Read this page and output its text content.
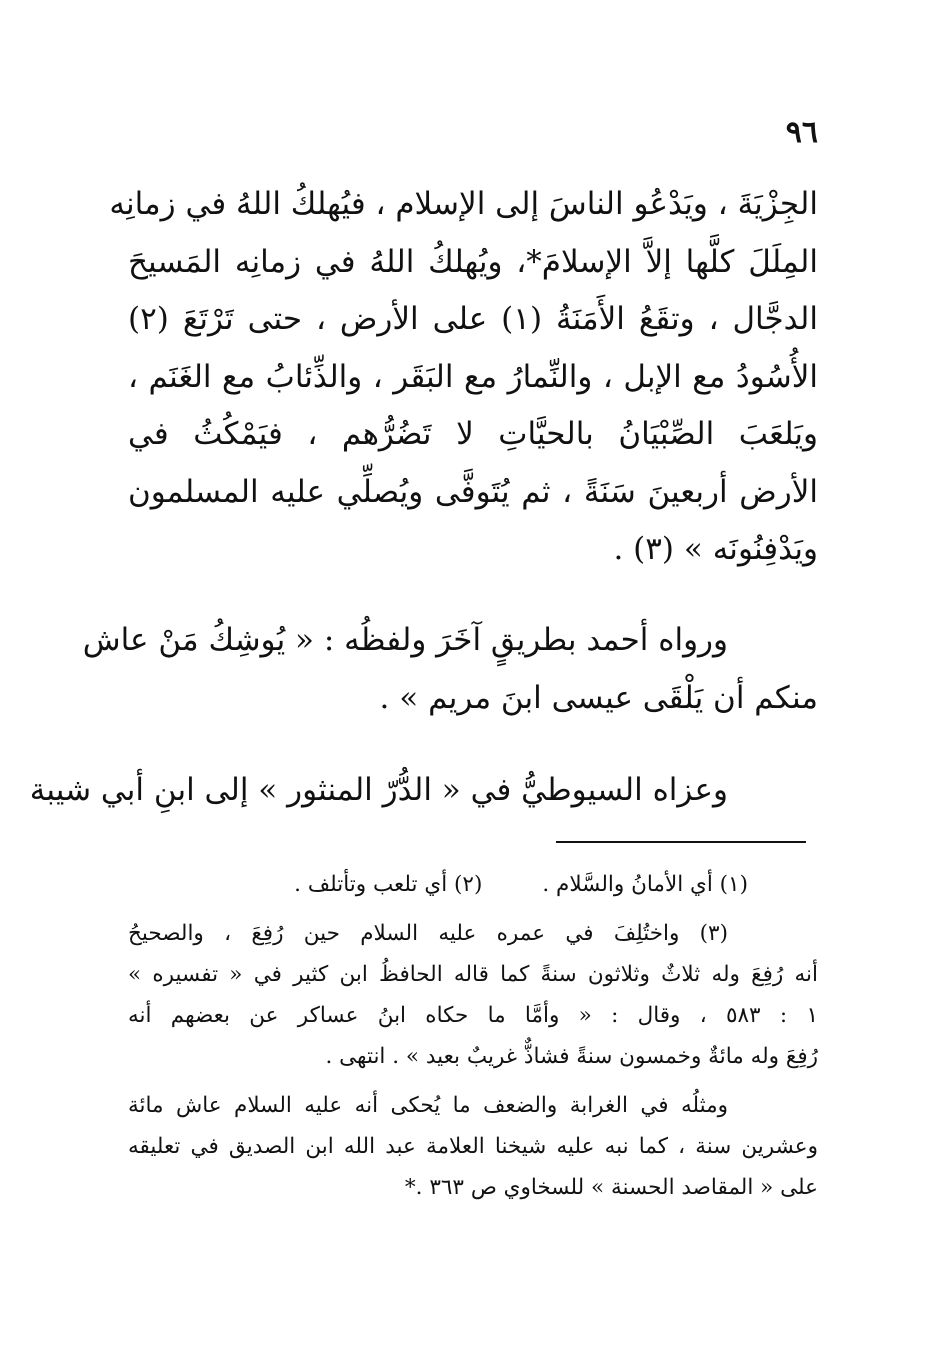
٩٦
الجِزْيَةَ ، ويَدْعُو الناسَ إلى الإسلام ، فيُهلكُ اللهُ في زمانِه
المِلَلَ كلَّها إلاَّ الإسلامَ*، ويُهلكُ اللهُ في زمانِه المَسيحَ
الدجَّال ، وتقَعُ الأَمَنَةُ (١) على الأرض ، حتى تَرْتَعَ (٢)
الأُسُودُ مع الإبل ، والنِّمارُ مع البَقَر ، والذِّئابُ مع الغَنَم ،
ويَلعَبَ الصِّبْيَانُ بالحيَّاتِ لا تَضُرُّهم ، فيَمْكُثُ في
الأرض أربعينَ سَنَةً ، ثم يُتَوفَّى ويُصلِّي عليه المسلمون
ويَدْفِنُونَه » (٣) .
ورواه أحمد بطريقٍ آخَرَ ولفظُه : « يُوشِكُ مَنْ عاش
منكم أن يَلْقَى عيسى ابنَ مريم » .
وعزاه السيوطيُّ في « الدُّرّ المنثور » إلى ابنِ أبي شيبة
(١) أي الأمانُ والسَّلام .(٢) أي تلعب وتأتلف .
(٣) واختُلِفَ في عمره عليه السلام حين رُفِعَ ، والصحيحُ
أنه رُفِعَ وله ثلاثٌ وثلاثون سنةً كما قاله الحافظُ ابن كثير في « تفسيره »
١ : ٥٨٣ ، وقال : « وأمَّا ما حكاه ابنُ عساكر عن بعضهم أنه
رُفِعَ وله مائةٌ وخمسون سنةً فشاذٌّ غريبٌ بعيد » . انتهى .
ومثلُه في الغرابة والضعف ما يُحكى أنه عليه السلام عاش مائة
وعشرين سنة ، كما نبه عليه شيخنا العلامة عبد الله ابن الصديق في تعليقه
على « المقاصد الحسنة » للسخاوي ص ٣٦٣ .*
